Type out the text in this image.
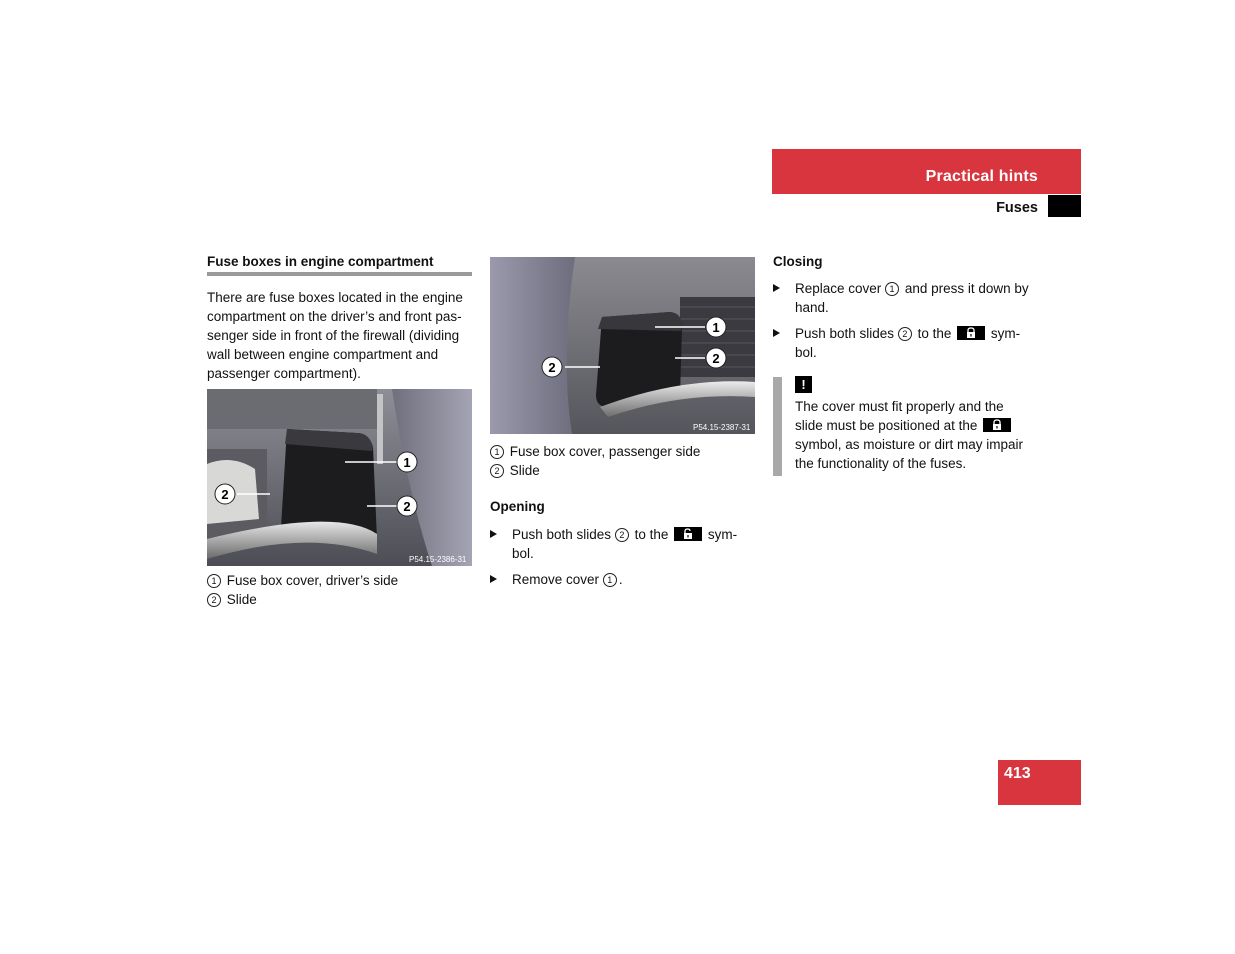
Practical hints
Fuses
Fuse boxes in engine compartment
There are fuse boxes located in the engine
compartment on the driver’s and front pas-
senger side in front of the firewall (dividing
wall between engine compartment and
passenger compartment).
1
2
2
P54.15-2386-31
1 Fuse box cover, driver’s side
2 Slide
1
2
2
P54.15-2387-31
1 Fuse box cover, passenger side
2 Slide
Opening
Push both slides 2 to the	sym-
bol.
Remove cover 1 .
Closing
Replace cover 1 and press it down by
hand.
Push both slides 2 to the	sym-
bol.
!
The cover must fit properly and the
slide must be positioned at the
symbol, as moisture or dirt may impair
the functionality of the fuses.
413
